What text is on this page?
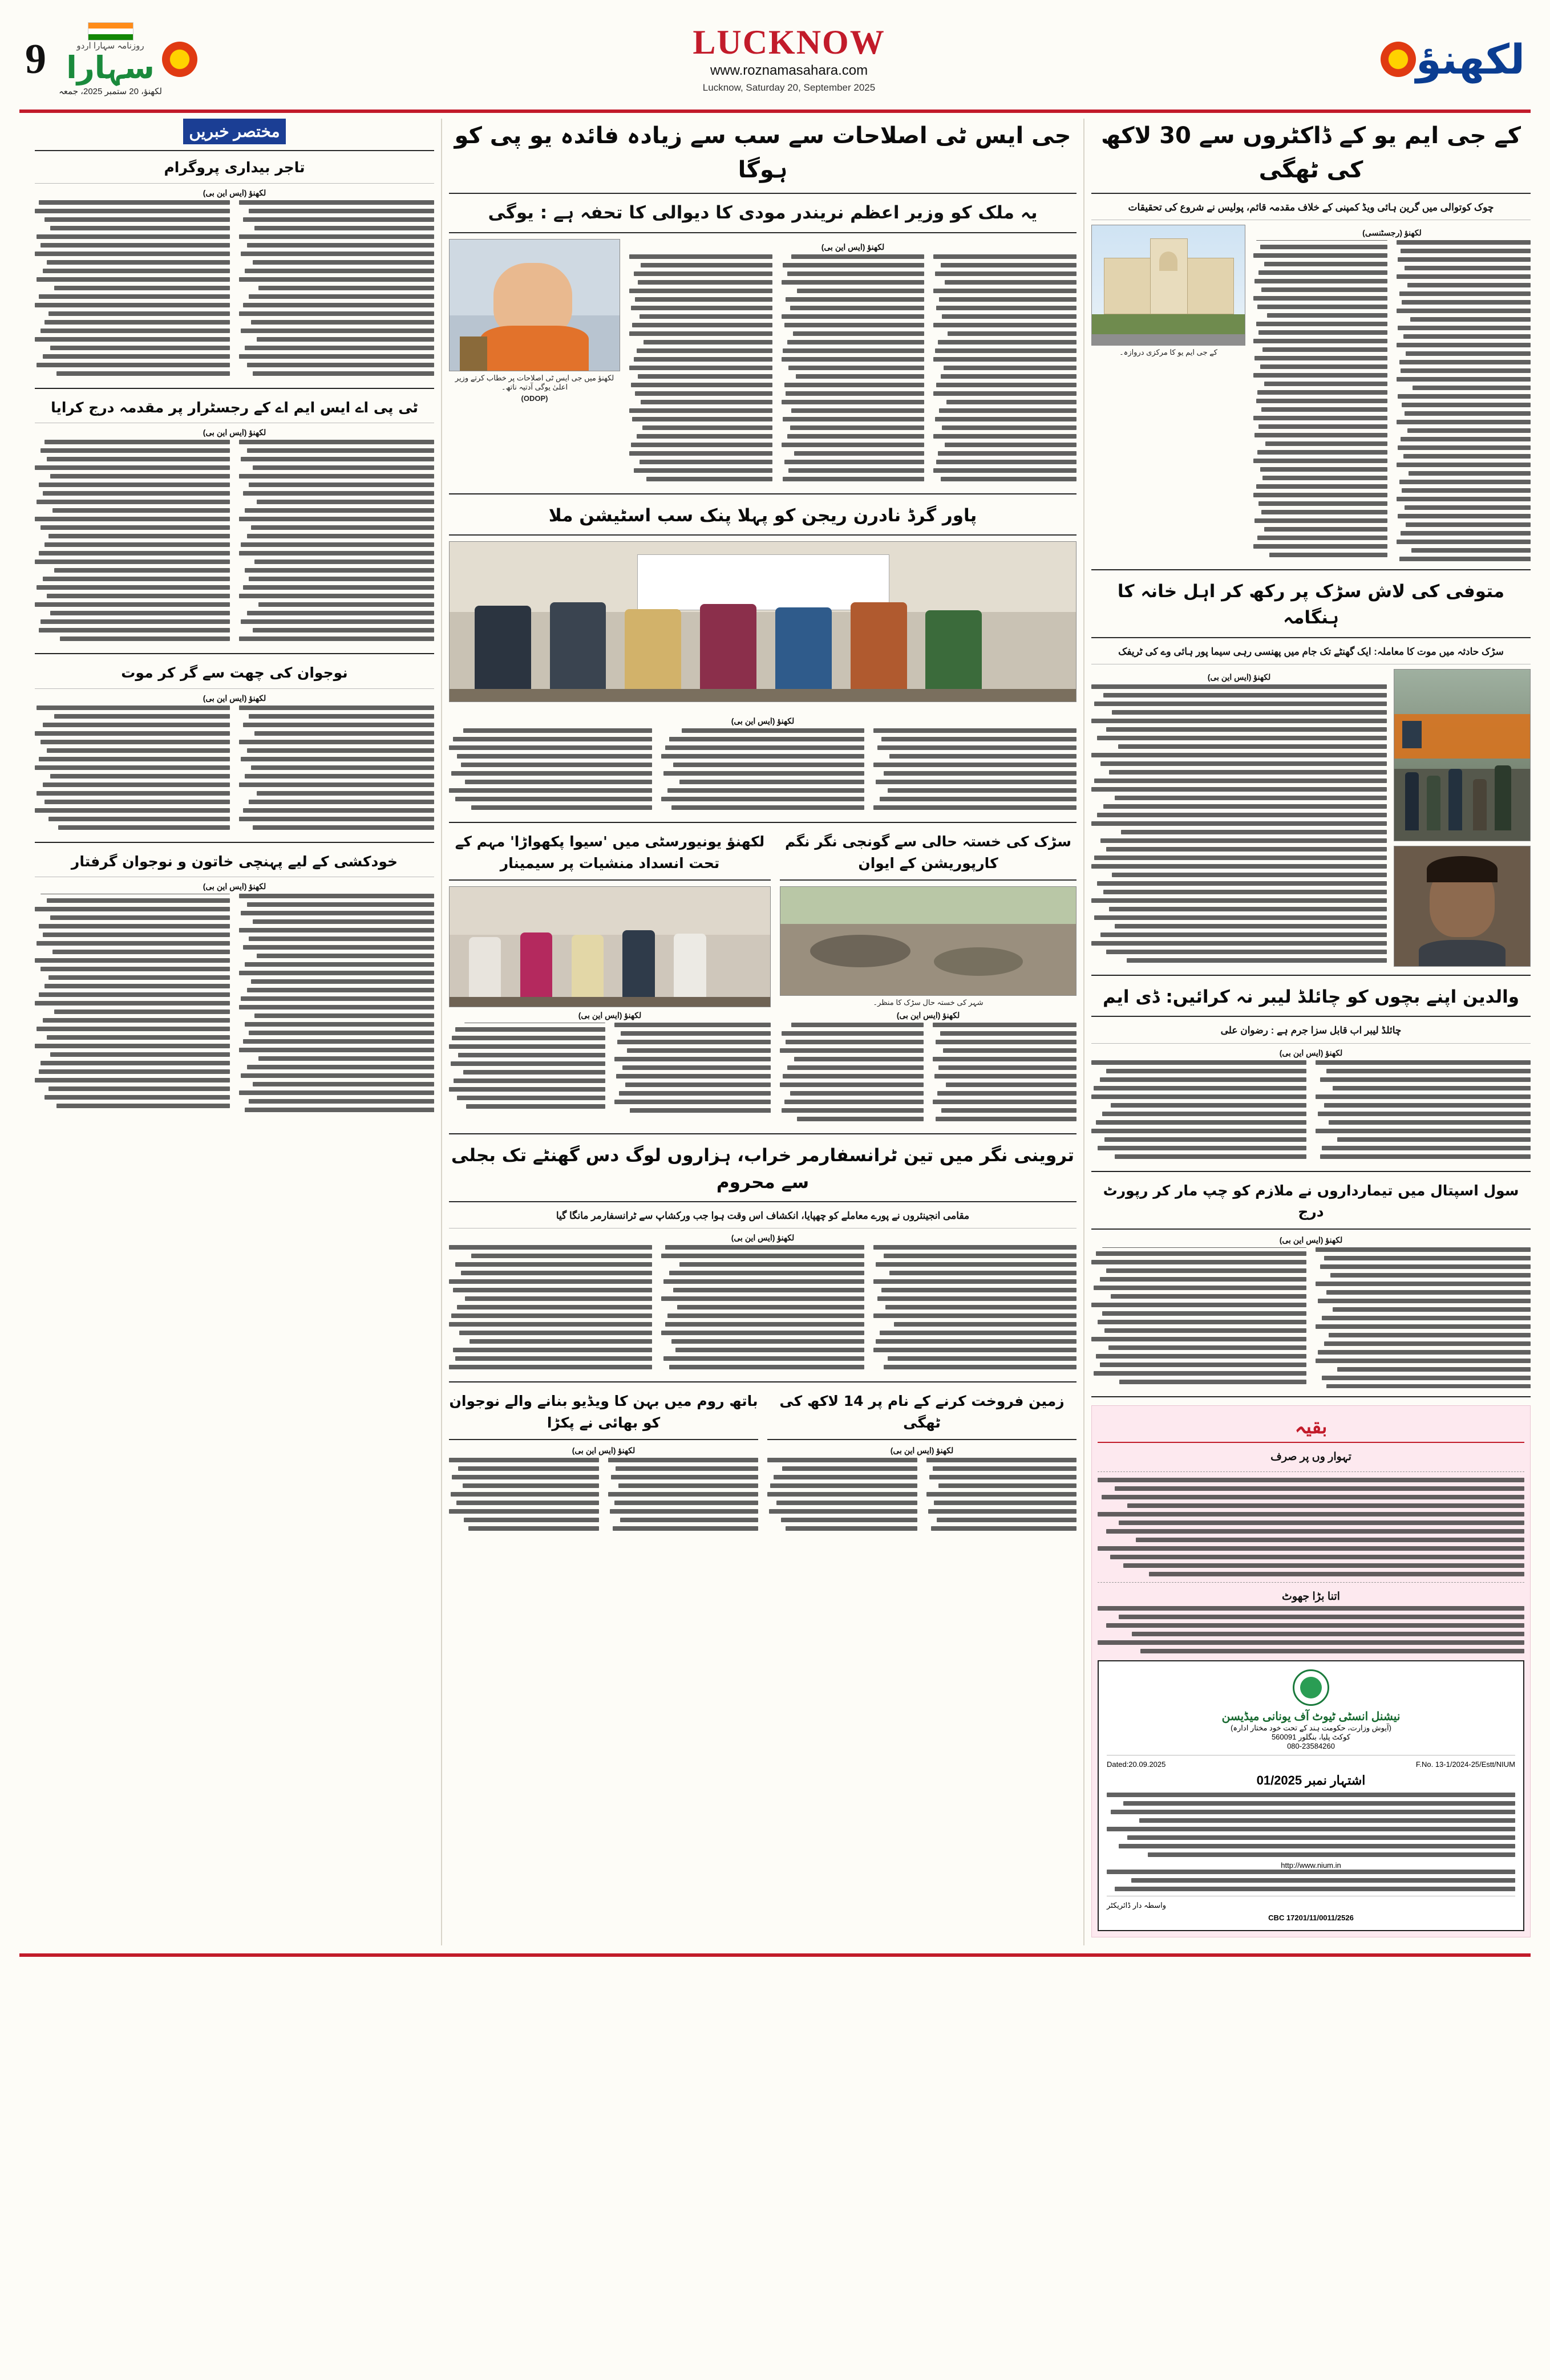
9	روزنامہ سہارا اردو
سہارا
لکھنؤ، 20 ستمبر 2025، جمعہ
LUCKNOW
www.roznamasahara.com
Lucknow, Saturday 20, September 2025
لکھنؤ
کے جی ایم یو کے ڈاکٹروں سے 30 لاکھ کی ٹھگی
چوک کوتوالی میں گرین ہائی ویڈ کمپنی کے خلاف مقدمہ قائم، پولیس نے شروع کی تحقیقات
لکھنؤ (رجسٹنسی)
کے جی ایم یو کا مرکزی دروازہ۔
متوفی کی لاش سڑک پر رکھ کر اہل خانہ کا ہنگامہ
سڑک حادثہ میں موت کا معاملہ: ایک گھنٹے تک جام میں پھنسی رہی سیما پور ہائی وے کی ٹریفک
لکھنؤ (ایس این بی)
والدین اپنے بچوں کو چائلڈ لیبر نہ کرائیں: ڈی ایم
چائلڈ لیبر اب قابل سزا جرم ہے : رضوان علی
لکھنؤ (ایس این بی)
سول اسپتال میں تیمارداروں نے ملازم کو چپ مار کر رپورٹ درج
لکھنؤ (ایس این بی)
بقیہ
تہوار وں پر صرف
اتنا بڑا جھوٹ
نیشنل انسٹی ٹیوٹ آف یونانی میڈیسن
(آیوش وزارت، حکومت ہند کے تحت خود مختار ادارہ)
کوکٹ پلیا، بنگلور 560091
080-23584260
F.No. 13-1/2024-25/Estt/NIUM
Dated:20.09.2025
اشتہار نمبر 01/2025
http://www.nium.in
واسطہ دار ڈائریکٹر
CBC 17201/11/0011/2526
جی ایس ٹی اصلاحات سے سب سے زیادہ فائدہ یو پی کو ہوگا
یہ ملک کو وزیر اعظم نریندر مودی کا دیوالی کا تحفہ ہے : یوگی
لکھنؤ (ایس این بی)
لکھنؤ میں جی ایس ٹی اصلاحات پر خطاب کرتے وزیر اعلیٰ یوگی آدتیہ ناتھ۔
(ODOP)
پاور گرڈ نادرن ریجن کو پہلا پنک سب اسٹیشن ملا

لکھنؤ (ایس این بی)
سڑک کی خستہ حالی سے گونجی نگر نگم کارپوریشن کے ایوان
شہر کی خستہ حال سڑک کا منظر۔
لکھنؤ (ایس این بی)
لکھنؤ یونیورسٹی میں 'سیوا پکھواڑا' مہم کے تحت انسداد منشیات پر سیمینار
لکھنؤ (ایس این بی)
تروینی نگر میں تین ٹرانسفارمر خراب، ہزاروں لوگ دس گھنٹے تک بجلی سے محروم
مقامی انجینئروں نے پورے معاملے کو چھپایا، انکشاف اس وقت ہوا جب ورکشاپ سے ٹرانسفارمر مانگا گیا
لکھنؤ (ایس این بی)
زمین فروخت کرنے کے نام پر 14 لاکھ کی ٹھگی
لکھنؤ (ایس این بی)
باتھ روم میں بہن کا ویڈیو بنانے والے نوجوان کو بھائی نے پکڑا
لکھنؤ (ایس این بی)
مختصر خبریں
تاجر بیداری پروگرام
لکھنؤ (ایس این بی)
ٹی پی اے ایس ایم اے کے رجسٹرار پر مقدمہ درج کرایا
لکھنؤ (ایس این بی)
نوجوان کی چھت سے گر کر موت
لکھنؤ (ایس این بی)
خودکشی کے لیے پہنچی خاتون و نوجوان گرفتار
لکھنؤ (ایس این بی)
